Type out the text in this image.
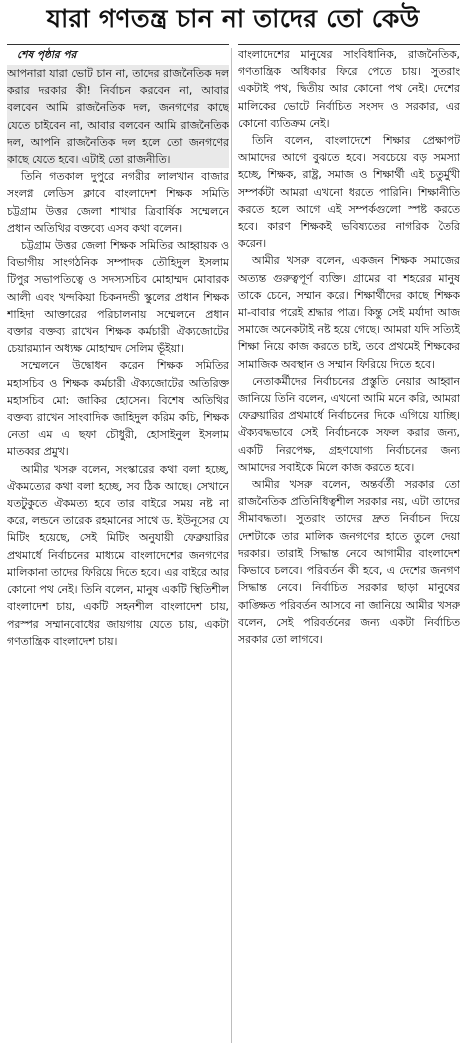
যারা গণতন্ত্র চান না তাদের তো কেউ
শেষ পৃষ্ঠার পর

আপনারা যারা ভোট চান না, তাদের রাজনৈতিক দল করার দরকার কী! নির্বাচন করবেন না, আবার বলবেন আমি রাজনৈতিক দল, জনগণের কাছে যেতে চাইবেন না, আবার বলবেন আমি রাজনৈতিক দল, আপনি রাজনৈতিক দল হলে তো জনগণের কাছে যেতে হবে। এটাই তো রাজনীতি।

তিনি গতকাল দুপুরে নগরীর লালখান বাজার সংলগ্ন লেডিস ক্লাবে বাংলাদেশ শিক্ষক সমিতি চট্টগ্রাম উত্তর জেলা শাখার ত্রিবার্ষিক সম্মেলনে প্রধান অতিথির বক্তব্যে এসব কথা বলেন।

চট্টগ্রাম উত্তর জেলা শিক্ষক সমিতির আহ্বায়ক ও বিভাগীয় সাংগঠনিক সম্পাদক তৌহিদুল ইসলাম টিপুর সভাপতিত্বে ও সদস্যসচিব মোহাম্মদ মোবারক আলী এবং খন্দকিয়া চিকনদন্ডী স্কুলের প্রধান শিক্ষক শাহিদা আক্তারের পরিচালনায় সম্মেলনে প্রধান বক্তার বক্তব্য রাখেন শিক্ষক কর্মচারী ঐক্যজোটের চেয়ারম্যান অধ্যক্ষ মোহাম্মদ সেলিম ভূঁইয়া।

সম্মেলনে উদ্বোধন করেন শিক্ষক সমিতির মহাসচিব ও শিক্ষক কর্মচারী ঐক্যজোটের অতিরিক্ত মহাসচিব মো: জাকির হোসেন। বিশেষ অতিথির বক্তব্য রাখেন সাংবাদিক জাহিদুল করিম কচি, শিক্ষক নেতা এম এ ছফা চৌধুরী, হোসাইনুল ইসলাম মাতব্বর প্রমুখ।

আমীর খসরু বলেন, সংস্কারের কথা বলা হচ্ছে, ঐকমত্যের কথা বলা হচ্ছে, সব ঠিক আছে। সেখানে যতটুকুতে ঐকমত্য হবে তার বাইরে সময় নষ্ট না করে, লন্ডনে তারেক রহমানের সাথে ড. ইউনূসের যে মিটিং হয়েছে, সেই মিটিং অনুযায়ী ফেব্রুয়ারির প্রথমার্ধে নির্বাচনের মাধ্যমে বাংলাদেশের জনগণের মালিকানা তাদের ফিরিয়ে দিতে হবে। এর বাইরে আর কোনো পথ নেই। তিনি বলেন, মানুষ একটি স্থিতিশীল বাংলাদেশ চায়, একটি সহনশীল বাংলাদেশ চায়, পরস্পর সম্মানবোধের জায়গায় যেতে চায়, একটা গণতান্ত্রিক বাংলাদেশ চায়।

বাংলাদেশের মানুষের সাংবিধানিক, রাজনৈতিক, গণতান্ত্রিক অধিকার ফিরে পেতে চায়। সুতরাং একটাই পথ, দ্বিতীয় আর কোনো পথ নেই। দেশের মালিকের ভোটে নির্বাচিত সংসদ ও সরকার, এর কোনো ব্যতিক্রম নেই।

তিনি বলেন, বাংলাদেশে শিক্ষার প্রেক্ষাপট আমাদের আগে বুঝতে হবে। সবচেয়ে বড় সমস্যা হচ্ছে, শিক্ষক, রাষ্ট্র, সমাজ ও শিক্ষার্থী এই চতুর্মুখী সম্পর্কটা আমরা এখনো ধরতে পারিনি। শিক্ষানীতি করতে হলে আগে এই সম্পর্কগুলো স্পষ্ট করতে হবে। কারণ শিক্ষকই ভবিষ্যতের নাগরিক তৈরি করেন।

আমীর খসরু বলেন, একজন শিক্ষক সমাজের অত্যন্ত গুরুত্বপূর্ণ ব্যক্তি। গ্রামের বা শহরের মানুষ তাকে চেনে, সম্মান করে। শিক্ষার্থীদের কাছে শিক্ষক মা-বাবার পরেই শ্রদ্ধার পাত্র। কিন্তু সেই মর্যাদা আজ সমাজে অনেকটাই নষ্ট হয়ে গেছে। আমরা যদি সত্যিই শিক্ষা নিয়ে কাজ করতে চাই, তবে প্রথমেই শিক্ষকের সামাজিক অবস্থান ও সম্মান ফিরিয়ে দিতে হবে।

নেতাকর্মীদের নির্বাচনের প্রস্তুতি নেয়ার আহ্বান জানিয়ে তিনি বলেন, এখনো আমি মনে করি, আমরা ফেব্রুয়ারির প্রথমার্ধে নির্বাচনের দিকে এগিয়ে যাচ্ছি। ঐক্যবদ্ধভাবে সেই নির্বাচনকে সফল করার জন্য, একটি নিরপেক্ষ, গ্রহণযোগ্য নির্বাচনের জন্য আমাদের সবাইকে মিলে কাজ করতে হবে।

আমীর খসরু বলেন, অন্তর্বর্তী সরকার তো রাজনৈতিক প্রতিনিধিত্বশীল সরকার নয়, এটা তাদের সীমাবদ্ধতা। সুতরাং তাদের দ্রুত নির্বাচন দিয়ে দেশটাকে তার মালিক জনগণের হাতে তুলে দেয়া দরকার। তারাই সিদ্ধান্ত নেবে আগামীর বাংলাদেশ কিভাবে চলবে। পরিবর্তন কী হবে, এ দেশের জনগণ সিদ্ধান্ত নেবে। নির্বাচিত সরকার ছাড়া মানুষের কাঙ্ক্ষিত পরিবর্তন আসবে না জানিয়ে আমীর খসরু বলেন, সেই পরিবর্তনের জন্য একটা নির্বাচিত সরকার তো লাগবে।
